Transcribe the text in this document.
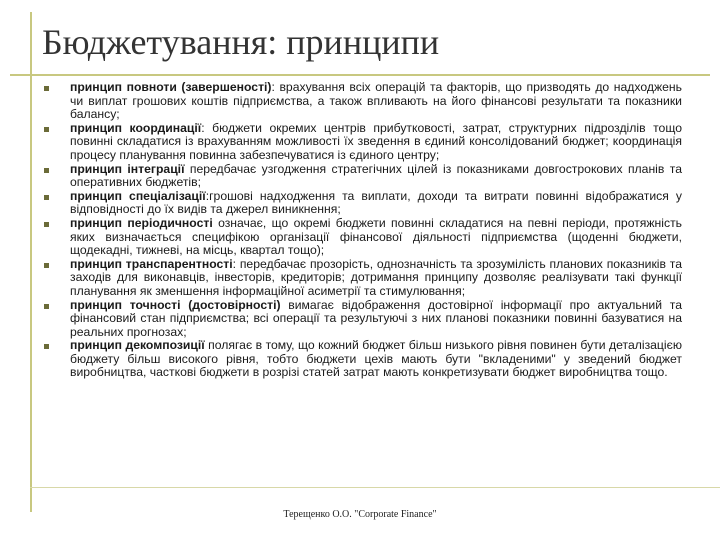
Бюджетування: принципи
принцип повноти (завершеності): врахування всіх операцій та факторів, що призводять до надходжень чи виплат грошових коштів підприємства, а також впливають на його фінансові результати та показники балансу;
принцип координації: бюджети окремих центрів прибутковості, затрат, структурних підрозділів тощо повинні складатися із врахуванням можливості їх зведення в єдиний консолідований бюджет; координація процесу планування повинна забезпечуватися із єдиного центру;
принцип інтеграції передбачає узгодження стратегічних цілей із показниками довгострокових планів та оперативних бюджетів;
принцип спеціалізації:грошові надходження та виплати, доходи та витрати повинні відображатися у відповідності до їх видів та джерел виникнення;
принцип періодичності означає, що окремі бюджети повинні складатися на певні періоди, протяжність яких визначається специфікою організації фінансової діяльності підприємства (щоденні бюджети, щодекадні, тижневі, на місць, квартал тощо);
принцип транспарентності: передбачає прозорість, однозначність та зрозумілість планових показників та заходів для виконавців, інвесторів, кредиторів; дотримання принципу дозволяє реалізувати такі функції планування як зменшення інформаційної асиметрії та стимулювання;
принцип точності (достовірності) вимагає відображення достовірної інформації про актуальний та фінансовий стан підприємства; всі операції та результуючі з них планові показники повинні базуватися на реальних прогнозах;
принцип декомпозиції полягає в тому, що кожний бюджет більш низького рівня повинен бути деталізацією бюджету більш високого рівня, тобто бюджети цехів мають бути "вкладеними" у зведений бюджет виробництва, часткові бюджети в розрізі статей затрат мають конкретизувати бюджет виробництва тощо.
Терещенко О.О. "Corporate Finance"
